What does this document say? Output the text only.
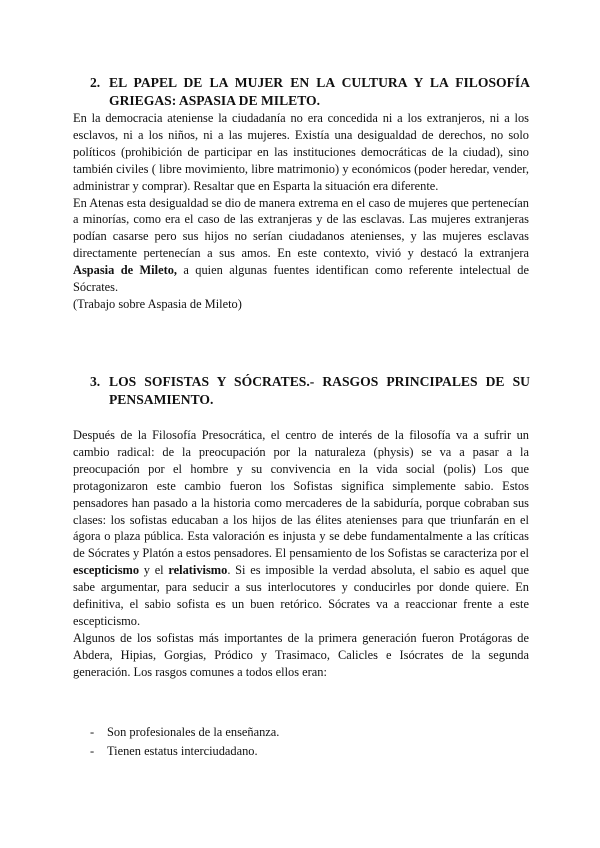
2. EL PAPEL DE LA MUJER EN LA CULTURA Y LA FILOSOFÍA GRIEGAS: ASPASIA DE MILETO.

En la democracia ateniense la ciudadanía no era concedida ni a los extranjeros, ni a los esclavos, ni a los niños, ni a las mujeres. Existía una desigualdad de derechos, no solo políticos (prohibición de participar en las instituciones democráticas de la ciudad), sino también civiles ( libre movimiento, libre matrimonio) y económicos (poder heredar, vender, administrar y comprar). Resaltar que en Esparta la situación era diferente.

En Atenas esta desigualdad se dio de manera extrema en el caso de mujeres que pertenecían a minorías, como era el caso de las extranjeras y de las esclavas. Las mujeres extranjeras podían casarse pero sus hijos no serían ciudadanos atenienses, y las mujeres esclavas directamente pertenecían a sus amos. En este contexto, vivió y destacó la extranjera Aspasia de Mileto, a quien algunas fuentes identifican como referente intelectual de Sócrates.

(Trabajo sobre Aspasia de Mileto)

3. LOS SOFISTAS Y SÓCRATES.- RASGOS PRINCIPALES DE SU PENSAMIENTO.

Después de la Filosofía Presocrática, el centro de interés de la filosofía va a sufrir un cambio radical: de la preocupación por la naturaleza (physis) se va a pasar a la preocupación por el hombre y su convivencia en la vida social (polis) Los que protagonizaron este cambio fueron los Sofistas significa simplemente sabio. Estos pensadores han pasado a la historia como mercaderes de la sabiduría, porque cobraban sus clases: los sofistas educaban a los hijos de las élites atenienses para que triunfarán en el ágora o plaza pública. Esta valoración es injusta y se debe fundamentalmente a las críticas de Sócrates y Platón a estos pensadores. El pensamiento de los Sofistas se caracteriza por el escepticismo y el relativismo. Si es imposible la verdad absoluta, el sabio es aquel que sabe argumentar, para seducir a sus interlocutores y conducirles por donde quiere. En definitiva, el sabio sofista es un buen retórico. Sócrates va a reaccionar frente a este escepticismo.

Algunos de los sofistas más importantes de la primera generación fueron Protágoras de Abdera, Hipias, Gorgias, Pródico y Trasimaco, Calicles e Isócrates de la segunda generación. Los rasgos comunes a todos ellos eran:

- Son profesionales de la enseñanza.
- Tienen estatus interciudadano.
